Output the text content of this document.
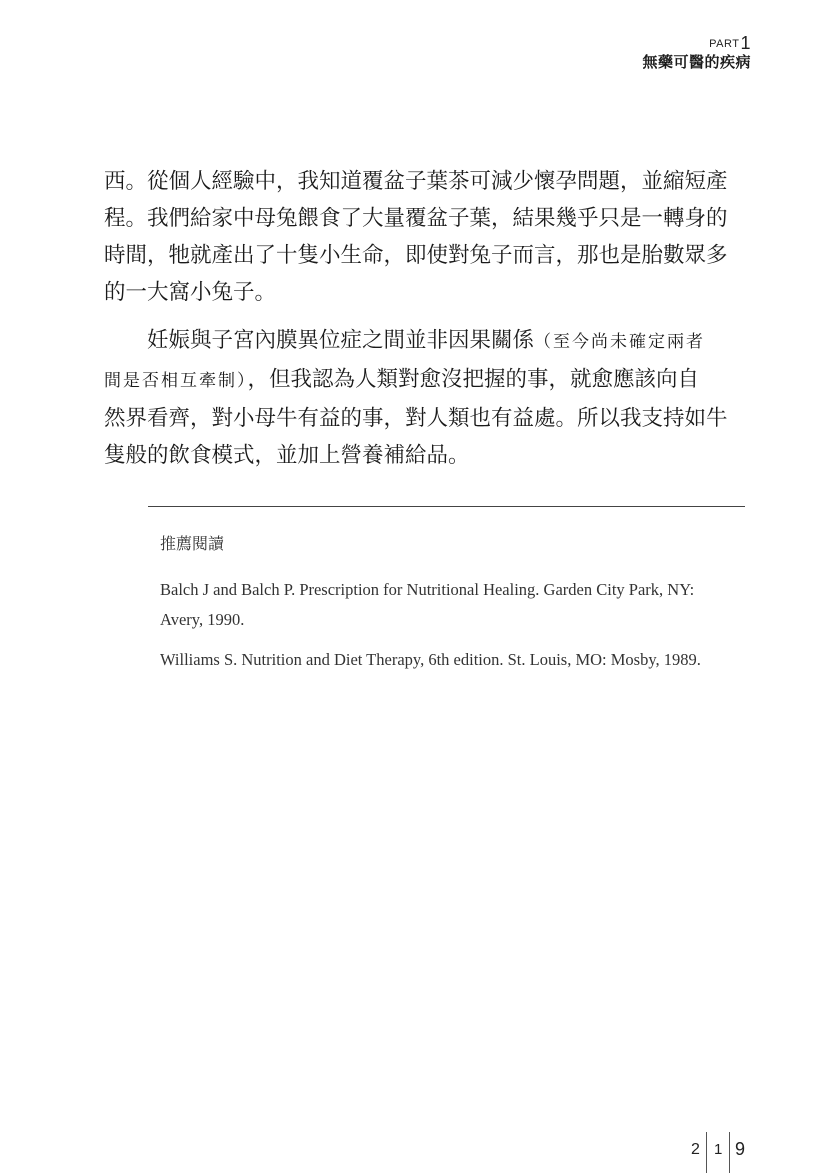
PART1
無藥可醫的疾病
西。從個人經驗中，我知道覆盆子葉茶可減少懷孕問題，並縮短產
程。我們給家中母兔餵食了大量覆盆子葉，結果幾乎只是一轉身的
時間，牠就產出了十隻小生命，即使對兔子而言，那也是胎數眾多
的一大窩小兔子。
　　妊娠與子宮內膜異位症之間並非因果關係（至今尚未確定兩者
間是否相互牽制），但我認為人類對愈沒把握的事，就愈應該向自
然界看齊，對小母牛有益的事，對人類也有益處。所以我支持如牛
隻般的飲食模式，並加上營養補給品。
推薦閱讀
Balch J and Balch P. Prescription for Nutritional Healing. Garden City Park, NY:
Avery, 1990.
Williams S. Nutrition and Diet Therapy, 6th edition. St. Louis, MO: Mosby, 1989.
2 1 9
